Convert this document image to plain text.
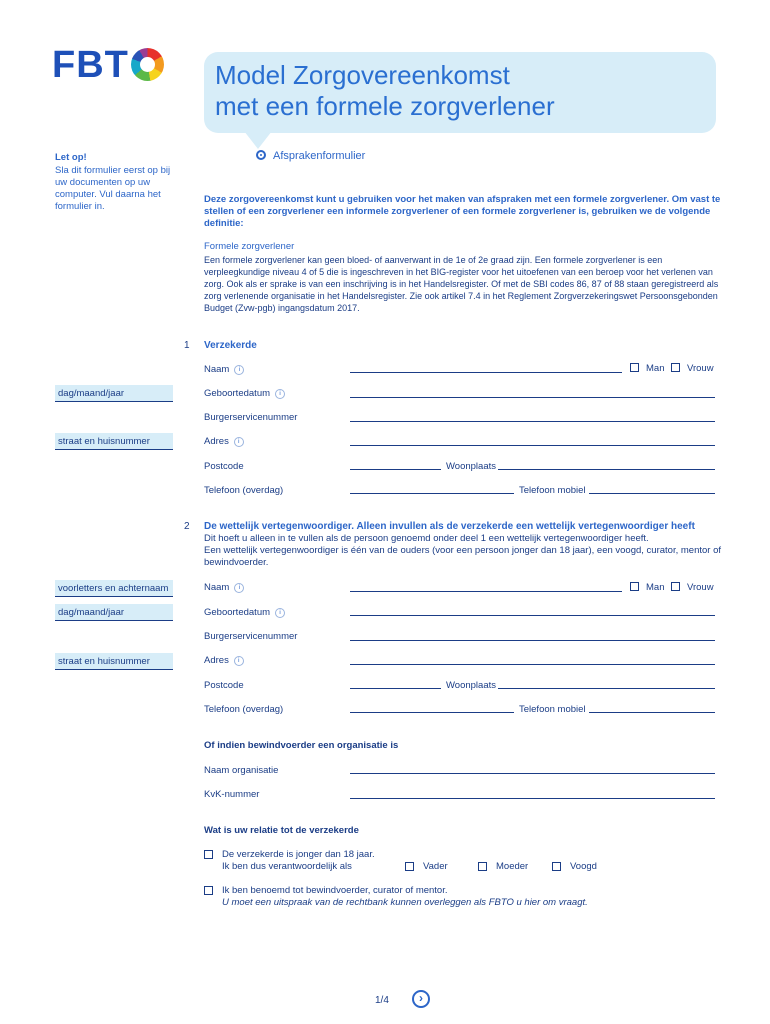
FBT	Model Zorgovereenkomst
met een formele zorgverlener
Afsprakenformulier
Let op!
Sla dit formulier eerst op bij uw documenten op uw computer. Vul daarna het formulier in.
Deze zorgovereenkomst kunt u gebruiken voor het maken van afspraken met een formele zorgverlener. Om vast te stellen of een zorgverlener een informele zorgverlener of een formele zorgverlener is, gebruiken we de volgende definitie:
Formele zorgverlener
Een formele zorgverlener kan geen bloed- of aanverwant in de 1e of 2e graad zijn. Een formele zorgverlener is een verpleegkundige niveau 4 of 5 die is ingeschreven in het BIG-register voor het uitoefenen van een beroep voor het verlenen van zorg. Ook als er sprake is van een inschrijving is in het Handelsregister. Of met de SBI codes 86, 87 of 88 staan geregistreerd als zorg verlenende organisatie in het Handelsregister. Zie ook artikel 7.4 in het Reglement Zorgverzekeringswet Persoonsgebonden Budget (Zvw-pgb) ingangsdatum 2017.
1 Verzekerde
Naam i	Man Vrouw
dag/maand/jaar	Geboortedatum i
Burgerservicenummer
straat en huisnummer	Adres i
Postcode	Woonplaats
Telefoon (overdag)	Telefoon mobiel
2 De wettelijk vertegenwoordiger. Alleen invullen als de verzekerde een wettelijk vertegenwoordiger heeft
Dit hoeft u alleen in te vullen als de persoon genoemd onder deel 1 een wettelijk vertegenwoordiger heeft.
Een wettelijk vertegenwoordiger is één van de ouders (voor een persoon jonger dan 18 jaar), een voogd, curator, mentor of bewindvoerder.
voorletters en achternaam	Naam i	Man Vrouw
dag/maand/jaar	Geboortedatum i
Burgerservicenummer
straat en huisnummer	Adres i
Postcode	Woonplaats
Telefoon (overdag)	Telefoon mobiel
Of indien bewindvoerder een organisatie is
Naam organisatie
KvK-nummer
Wat is uw relatie tot de verzekerde
De verzekerde is jonger dan 18 jaar.
Ik ben dus verantwoordelijk als	Vader	Moeder	Voogd
Ik ben benoemd tot bewindvoerder, curator of mentor.
U moet een uitspraak van de rechtbank kunnen overleggen als FBTO u hier om vraagt.
1/4	›
